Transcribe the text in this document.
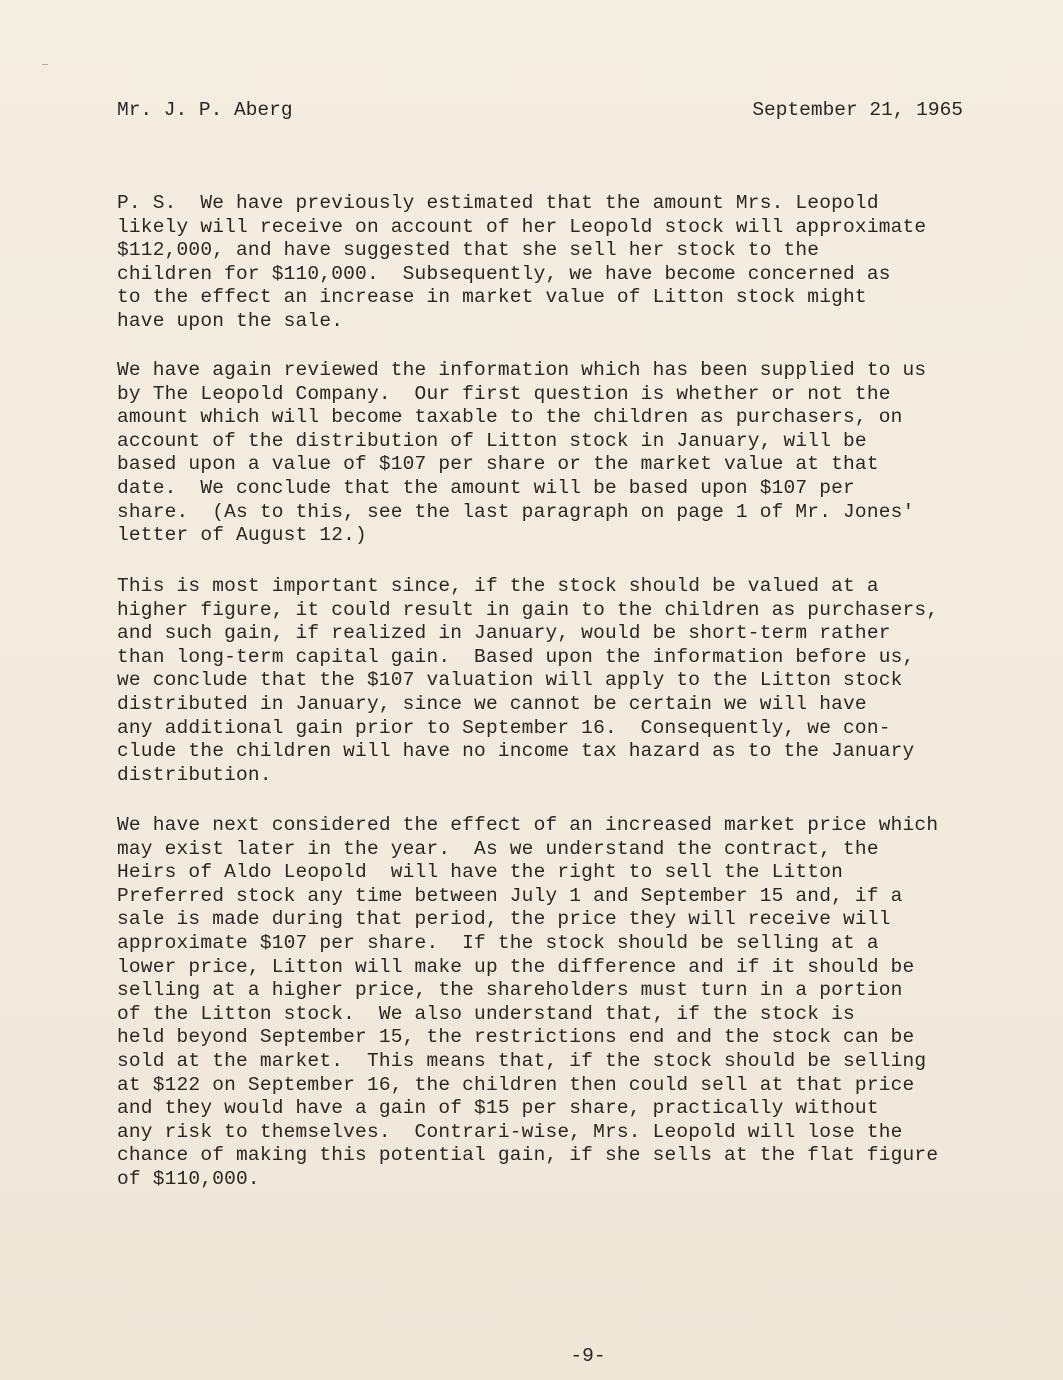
Mr. J. P. Aberg	September 21, 1965

P. S.  We have previously estimated that the amount Mrs. Leopold
likely will receive on account of her Leopold stock will approximate
$112,000, and have suggested that she sell her stock to the
children for $110,000.  Subsequently, we have become concerned as
to the effect an increase in market value of Litton stock might
have upon the sale.

We have again reviewed the information which has been supplied to us
by The Leopold Company.  Our first question is whether or not the
amount which will become taxable to the children as purchasers, on
account of the distribution of Litton stock in January, will be
based upon a value of $107 per share or the market value at that
date.  We conclude that the amount will be based upon $107 per
share.  (As to this, see the last paragraph on page 1 of Mr. Jones'
letter of August 12.)

This is most important since, if the stock should be valued at a
higher figure, it could result in gain to the children as purchasers,
and such gain, if realized in January, would be short-term rather
than long-term capital gain.  Based upon the information before us,
we conclude that the $107 valuation will apply to the Litton stock
distributed in January, since we cannot be certain we will have
any additional gain prior to September 16.  Consequently, we con-
clude the children will have no income tax hazard as to the January
distribution.

We have next considered the effect of an increased market price which
may exist later in the year.  As we understand the contract, the
Heirs of Aldo Leopold  will have the right to sell the Litton
Preferred stock any time between July 1 and September 15 and, if a
sale is made during that period, the price they will receive will
approximate $107 per share.  If the stock should be selling at a
lower price, Litton will make up the difference and if it should be
selling at a higher price, the shareholders must turn in a portion
of the Litton stock.  We also understand that, if the stock is
held beyond September 15, the restrictions end and the stock can be
sold at the market.  This means that, if the stock should be selling
at $122 on September 16, the children then could sell at that price
and they would have a gain of $15 per share, practically without
any risk to themselves.  Contrari-wise, Mrs. Leopold will lose the
chance of making this potential gain, if she sells at the flat figure
of $110,000.

-9-
